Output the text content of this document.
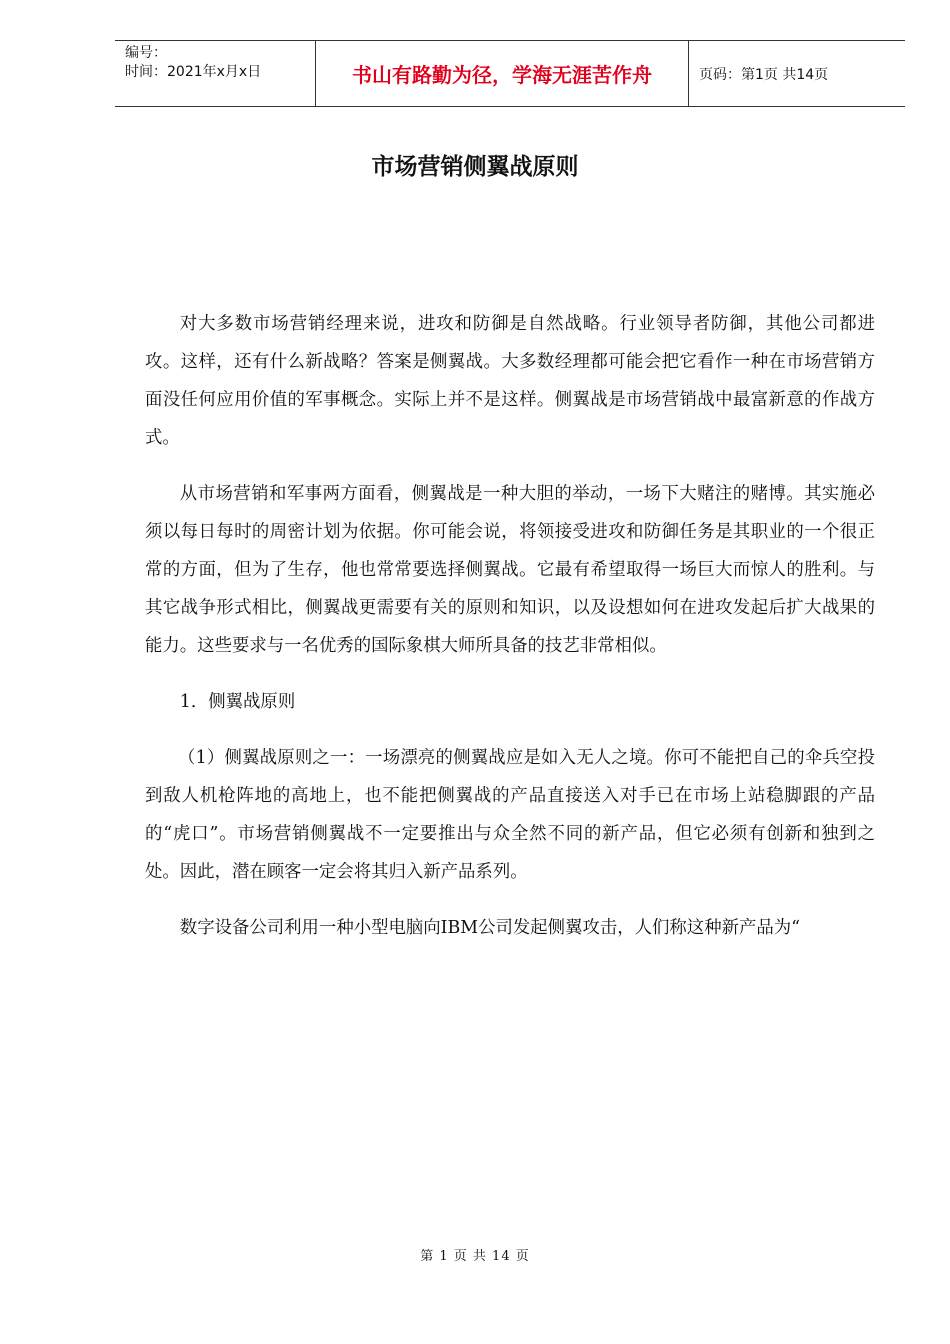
编号：
时间：2021年x月x日	书山有路勤为径，学海无涯苦作舟	页码：第1页 共14页
市场营销侧翼战原则

对大多数市场营销经理来说，进攻和防御是自然战略。行业领导者防御，其他公司都进攻。这样，还有什么新战略？答案是侧翼战。大多数经理都可能会把它看作一种在市场营销方面没任何应用价值的军事概念。实际上并不是这样。侧翼战是市场营销战中最富新意的作战方式。

从市场营销和军事两方面看，侧翼战是一种大胆的举动，一场下大赌注的赌博。其实施必须以每日每时的周密计划为依据。你可能会说，将领接受进攻和防御任务是其职业的一个很正常的方面，但为了生存，他也常常要选择侧翼战。它最有希望取得一场巨大而惊人的胜利。与其它战争形式相比，侧翼战更需要有关的原则和知识，以及设想如何在进攻发起后扩大战果的能力。这些要求与一名优秀的国际象棋大师所具备的技艺非常相似。

1．侧翼战原则

（1）侧翼战原则之一：一场漂亮的侧翼战应是如入无人之境。你可不能把自己的伞兵空投到敌人机枪阵地的高地上，也不能把侧翼战的产品直接送入对手已在市场上站稳脚跟的产品的“虎口”。市场营销侧翼战不一定要推出与众全然不同的新产品，但它必须有创新和独到之处。因此，潜在顾客一定会将其归入新产品系列。

数字设备公司利用一种小型电脑向IBM公司发起侧翼攻击，人们称这种新产品为“

第 1 页 共 14 页
